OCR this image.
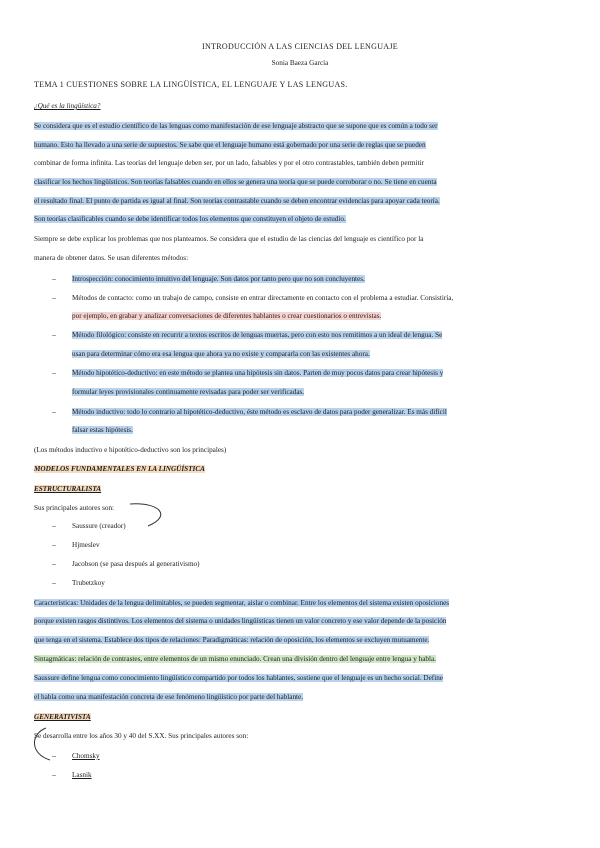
INTRODUCCIÓN A LAS CIENCIAS DEL LENGUAJE
Sonia Baeza García
TEMA 1 CUESTIONES SOBRE LA LINGÜÍSTICA, EL LENGUAJE Y LAS LENGUAS.
¿Qué es la lingüística?
Se considera que es el estudio científico de las lenguas como manifestación de ese lenguaje abstracto que se supone que es común a todo ser
humano. Esto ha llevado a una serie de supuestos. Se sabe que el lenguaje humano está gobernado por una serie de reglas que se pueden
combinar de forma infinita. Las teorías del lenguaje deben ser, por un lado, falsables y por el otro contrastables, también deben permitir
clasificar los hechos lingüísticos. Son teorías falsables cuando en ellos se genera una teoría que se puede corroborar o no. Se tiene en cuenta
el resultado final. El punto de partida es igual al final. Son teorías contrastable cuando se deben encontrar evidencias para apoyar cada teoría.
Son teorías clasificables cuando se debe identificar todos los elementos que constituyen el objeto de estudio.
Siempre se debe explicar los problemas que nos planteamos. Se considera que el estudio de las ciencias del lenguaje es científico por la
manera de obtener datos. Se usan diferentes métodos:
– Introspección: conocimiento intuitivo del lenguaje. Son datos por tanto pero que no son concluyentes.
– Métodos de contacto: como un trabajo de campo, consiste en entrar directamente en contacto con el problema a estudiar. Consistiría,
por ejemplo, en grabar y analizar conversaciones de diferentes hablantes o crear cuestionarios o entrevistas.
– Método filológico: consiste en recurrir a textos escritos de lenguas muertas, pero con esto nos remitimos a un ideal de lengua. Se
usan para determinar cómo era esa lengua que ahora ya no existe y compararla con las existentes ahora.
– Método hipotético-deductivo: en este método se plantea una hipótesis sin datos. Parten de muy pocos datos para crear hipótesis y
formular leyes provisionales continuamente revisadas para poder ser verificadas.
– Método inductivo: todo lo contrario al hipotético-deductivo, éste método es esclavo de datos para poder generalizar. Es más difícil
falsar estas hipótesis.
(Los métodos inductivo e hipotético-deductivo son los principales)
MODELOS FUNDAMENTALES EN LA LINGÜÍSTICA
ESTRUCTURALISTA
Sus principales autores son:
– Saussure (creador)
– Hjmeslev
– Jacobson (se pasa después al generativismo)
– Trubetzkoy
Características: Unidades de la lengua delimitables, se pueden segmentar, aislar o combinar. Entre los elementos del sistema existen oposiciones
porque existen rasgos distintivos. Los elementos del sistema o unidades lingüísticas tienen un valor concreto y ese valor depende de la posición
que tenga en el sistema. Establece dos tipos de relaciones: Paradigmáticas: relación de oposición, los elementos se excluyen mutuamente.
Sintagmáticas: relación de contrastes, entre elementos de un mismo enunciado. Crean una división dentro del lenguaje entre lengua y habla.
Saussure define lengua como conocimiento lingüístico compartido por todos los hablantes, sostiene que el lenguaje es un hecho social. Define
el habla como una manifestación concreta de ese fenómeno lingüístico por parte del hablante.
GENERATIVISTA
Se desarrolla entre los años 30 y 40 del S.XX. Sus principales autores son:
– Chomsky
– Lasnik
